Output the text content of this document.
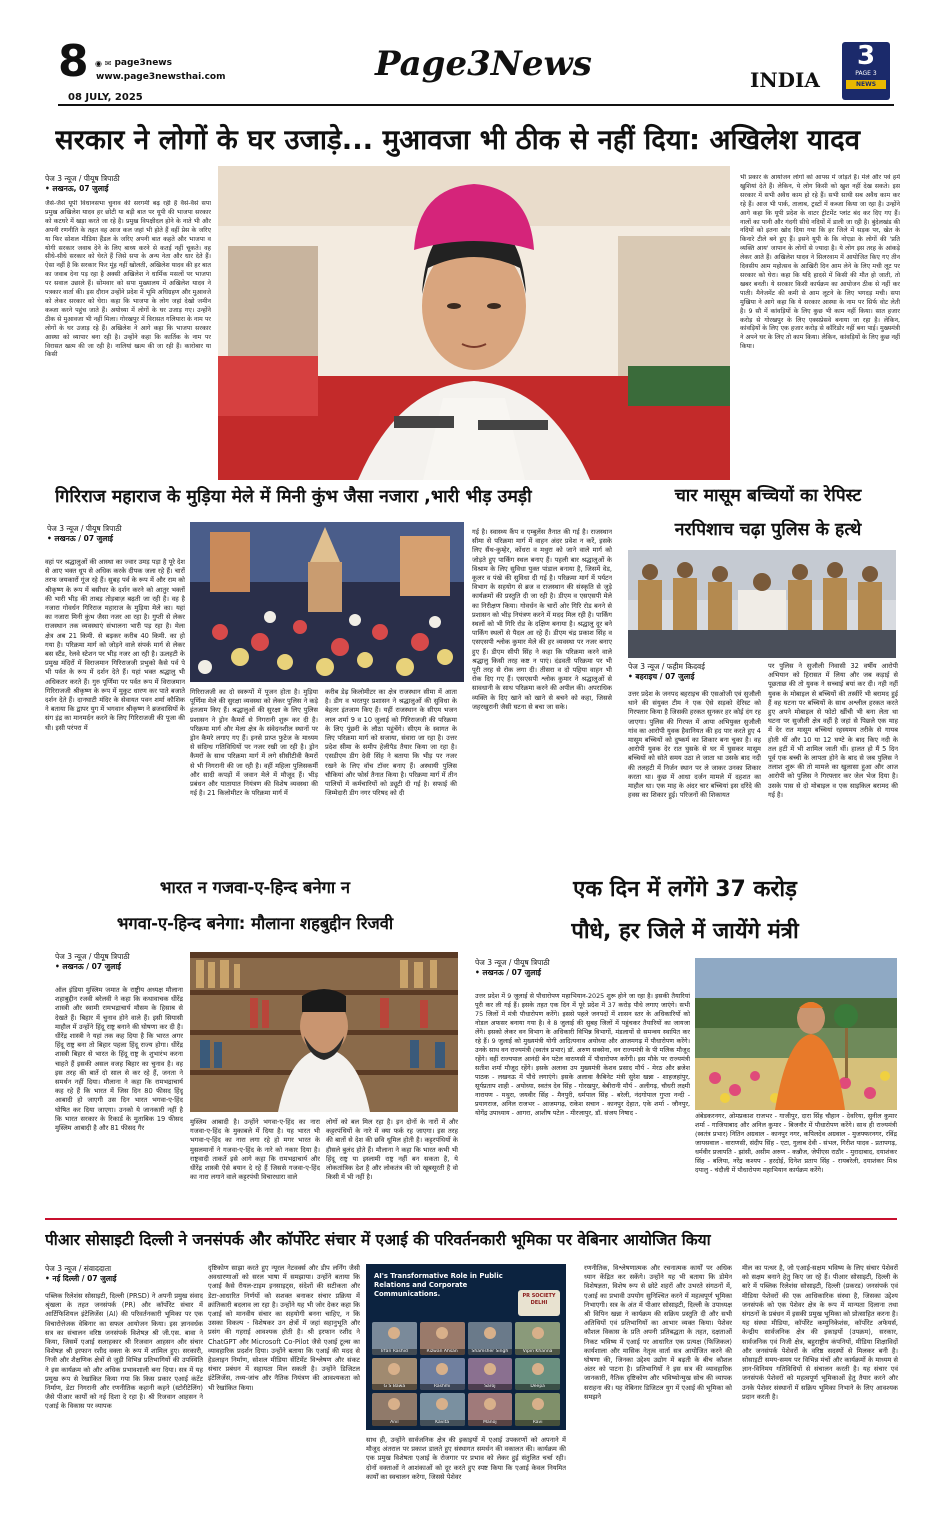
8 ◉ ✉ page3news
www.page3newsthai.com
08 JULY, 2025
Page3News	INDIA
3
PAGE 3
NEWS
सरकार ने लोगों के घर उजाड़े... मुआवजा भी ठीक से नहीं दिया: अखिलेश यादव
पेज 3 न्यूज / पीयूष त्रिपाठी
• लखनऊ, 07 जुलाई
जैसे-जैसे यूपी विधानसभा चुनाव की सरगर्मी बढ़ रही है वैसे-वैसे सपा प्रमुख अखिलेश यादव हर छोटी या बड़ी बात पर यूपी की भाजपा सरकार को कटघरे में खड़ा करते जा रहे है। प्रमुख विपक्षीदल होने के नाते भी और अपनी रणनीति के तहत वह आज कल जहां भी होते हैं वहीं प्रेस के जरिए या फिर सोशल मीडिया हैंडल के जरिए अपनी बात कहते और भाजपा व योगी सरकार जवाब देने के लिए बाध्य करने से कतई नहीं चूकते। वह सीधे-सीधे सरकार को घेरते हैं जिसे सपा के अन्य नेता और धार देते हैं। ऐसा नहीं है कि सरकार फिर मूंह नहीं खोलती, अखिलेश यादव की हर बात का जवाब देना पड़ रहा है अक्सी अखिलेश ने धार्मिक मसलों पर भाजपा पर सवाल उछाले हैं। सोमवार को सपा मुख्यालय में अखिलेश यादव ने पत्रकार वार्ता की। इस दौरान उन्होंने प्रदेश में भूमि अधिग्रहण और मुआवजे को लेकर सरकार को घेरा। कहा कि भाजपा के लोग जहां देखो जमीन कब्जा करने पहुंच जाते हैं। अयोध्या में लोगों के घर उजाड़ गए। उन्होंने ठीक से मुआवजा भी नहीं मिला। गोरखपुर में विरासत गलियारा के नाम पर लोगों के घर उजाड़ रहे हैं। अखिलेश ने आगे कहा कि भाजपा सरकार आस्था को व्यापार बना रही है। उन्होंने कहा कि कार्तिक के नाम पर विरासत खत्म की जा रही है। नालियां खत्म की जा रही हैं। कारोबार या किसी
भी प्रकार के आयोजन लोगों को आपस में जोड़ते हैं। मेले और पर्व हमें खुशियां देते हैं। लेकिन, ये लोग किसी को खुश नहीं देख सकते। इस सरकार में सभी अवैध काम हो रहे हैं। सभी साथी सब अवैध काम कर रहे हैं। आज भी पार्क, तालाब, ट्रस्टों में कब्जा किया जा रहा है। उन्होंने आगे कहा कि यूपी प्रदेश के वाटर ट्रीटमेंट प्लांट बंद कर दिए गए हैं। नालों का पानी और गंदगी सीधे नदियों में डाली जा रही है। बुंदेलखंड की नदियों को इतना खोद दिया गया कि हर जिले में सड़क पर, खेत के किनारे टीले बने हुए हैं। इसने यूपी के कि नोएडा के लोगों की 'प्रति व्यक्ति आय' जापान के लोगों से ज्यादा है। ये लोग इस तरह के आंकड़े लेकर आते हैं। अखिलेश यादव ने सिलरवाम में आयोजित किए गए तीन दिवसीय आम महोत्सव के आखिरी दिन आम लेने के लिए मची लूट पर सरकार को घेरा। कहा कि यदि हादसे में किसी की मौत हो जाती, तो खबर बनती। ये सरकार किसी कार्यक्रम का आयोजन ठीक से नहीं कर पाती। मैनेजमेंट की कमी से आम लूटने के लिए भगदड़ मची। सपा मुखिया ने आगे कहा कि ये सरकार आस्था के नाम पर सिर्फ वोट लेती है। 9 सौ में कांवड़ियों के लिए कुछ भी काम नहीं किया। सात हजार करोड़ से गोरखपुर के लिए एक्सप्रेसवे बनाया जा रहा है। लेकिन, कांवड़ियों के लिए एक हजार करोड़ से कॉरिडोर नहीं बना पाई। मुख्यमंत्री ने अपने घर के लिए तो काम किया। लेकिन, कांवड़ियों के लिए कुछ नहीं किया।
गिरिराज महाराज के मुड़िया मेले में मिनी कुंभ जैसा नजारा ,भारी भीड़ उमड़ी
पेज 3 न्यूज / पीयूष त्रिपाठी
• लखनऊ / 07 जुलाई
वहां पर श्रद्धालुओं की आस्था का ज्वार उमड़ पड़ा है पूरे देश से आए भक्त धूप से अधिक करके दीपक जला रहे हैं। चारों तरफ जयकारों गूंज रहे हैं। सुबह पर्व के रूप में और राम को श्रीकृष्ण के रूप में बसीधर के दर्शन करने को आतुर भक्तों की भारी भीड़ की ताबड़ तोड़बाज़ बढ़ती जा रही है। वह है नजारा गोवर्धन गिरिराज महाराज के मुड़िया मेले का। यहां का नजारा मिनी कुंभ जैसा नजर आ रहा है। गुप्ती से लेकर राजस्थान तक व्यवस्थाएं संभालना भारी पड़ रहा है। मेला क्षेत्र अब 21 किमी. से बढ़कर करीब 40 किमी. का हो गया है। परिक्रमा मार्ग को जोड़ने वाले संपर्क मार्ग से लेकर बस स्टैंड, रेलवे स्टेशन पर भीड़ नजर आ रही है। ऊलहटी के प्रमुख मंदिरों में विराजमान गिरिराजजी प्रभुको कैसे पर्व पे भी पर्वत के रूप में दर्शन देते हैं। यहां भक्त श्रद्धालु भी अधिकतर करते हैं। गुरु पूर्णिमा पर पर्वत रूप में विराजमान गिरिराजजी श्रीकृष्ण के रूप में मुकुट धारण कर पाते बजाते दर्शन देते हैं। दानघाटी मंदिर के सेवायत पवन शर्मा कौशिक ने बताया कि द्वापर युग में भगवान श्रीकृष्ण ने ब्रजवासियों के संग इंद्र का मानमर्दन करने के लिए गिरिराजजी की पूजा की थी। इसी परंपरा में
गिरिराजजी का दो स्वरूपों में पूजन होता है। मुड़िया पूर्णिमा मेले की सुरक्षा व्यवस्था को लेकर पुलिस ने कड़े इंतजाम किए हैं। श्रद्धालुओं की सुरक्षा के लिए पुलिस प्रशासन ने ड्रोन कैमरों से निगरानी शुरू कर दी है। परिक्रमा मार्ग और मेला क्षेत्र के संवेदनशील स्थानों पर ड्रोन कैमरे लगाए गए हैं। इनसे प्राप्त फुटेज के माध्यम से संदिग्ध गतिविधियों पर नजर रखी जा रही है। ड्रोन कैमरों के साथ परिक्रमा मार्ग में लगे सीसीटीवी कैमरों से भी निगरानी की जा रही है। वहीं महिला पुलिसकर्मी और सादी कपड़ों में जवान मेले में मौजूद हैं। भीड़ प्रबंधन और यातायात नियंत्रण की विशेष व्यवस्था की गई है। 21 किलोमीटर के परिक्रमा मार्ग में
करीब डेढ़ किलोमीटर का क्षेत्र राजस्थान सीमा में आता है। डीग व भरतपुर प्रशासन ने श्रद्धालुओं की सुविधा के बेहतर इंतजाम किए हैं। यहीं राजस्थान के सीएम भजन लाल शर्मा 9 व 10 जुलाई को गिरिराजजी की परिक्रमा के लिए पूंछरी के लौठा पहुंचेंगे। सीएम के स्वागत के लिए परिक्रमा मार्ग को सजाया, संवारा जा रहा है। उत्तर प्रदेश सीमा के समीप हेलीपैड तैयार किया जा रहा है। एसडीएम डीग देवी सिंह ने बताया कि भीड़ पर नजर रखने के लिए वॉच टॉवर बनाए हैं। अस्थायी पुलिस चौकियां और फोर्स तैनात किया है। परिक्रमा मार्ग में तीन पालियों में कर्मचारियों को ड्यूटी दी गई है। सफाई की जिम्मेदारी डीग नगर परिषद को दी
गई है। स्वास्थ्य कैंप व एम्बुलेंस तैनात की गई है। राजस्थान सीमा से परिक्रमा मार्ग में वाहन अंदर प्रवेश न करें, इसके लिए सैंथ-कुम्हेर, कोंधरा व मथुरा को जाने वाले मार्ग को जोड़ते हुए पार्किंग स्थल बनाए हैं। पहली बार श्रद्धालुओं के विश्राम के लिए सुविधा युक्त पांडाल बनाया है, जिसमें वेड, कूलर व पंखे की सुविधा दी गई है। परिक्रमा मार्ग में पर्यटन विभाग के सहयोग से ब्रज व राजस्थान की संस्कृति से जुड़े कार्यक्रमों की प्रस्तुति दी जा रही है। डीएम व एसएसपी मेले का निरीक्षण किया। गोवर्धन के चारों ओर गिरि रोड बनने से प्रशासन को भीड़ नियंत्रण करने में मदद मिल रही है। पार्किंग स्थलों को भी गिरि रोड के दक्षिण बनाया है। श्रद्धालु दूर बने पार्किंग स्थलों से पैदल आ रहे हैं। डीएम चंद्र प्रकाश सिंह व एसएसपी श्लोक कुमार मेले की हर व्यवस्था पर नजर बनाए हुए हैं। डीएम सीपी सिंह ने कहा कि परिक्रमा करने वाले श्रद्धालु किसी तरह कष्ट न पाएं। दंडवती परिक्रमा पर भी पूरी तरह से रोक लगा दी। तीसरा व दो पहिया वाहन भी रोक दिए गए हैं। एसएसपी श्लोक कुमार ने श्रद्धालुओं से सावधानी के साथ परिक्रमा करने की अपील की। अपराधिक व्यक्ति के दिए खाने को खाने से बचने को कहा, जिससे जहरखुरानी जैसी घटना से बचा जा सके।
चार मासूम बच्चियों का रेपिस्ट
नरपिशाच चढ़ा पुलिस के हत्थे
पेज 3 न्यूज / फहीम किदवई
• बहराइच / 07 जुलाई
उत्तर प्रदेश के जनपद बहराइच की एसओजी एवं सुजौली थाने की संयुक्त टीम ने एक ऐसे सड़को देरिस्ट को गिरफ्तार किया है जिसकी हरकत सुनकर हर कोई दंग रह जाएगा। पुलिस की गिरफ्त में आया अभियुक्त सुजौली गांव का आरोपी युवक हैवानियत की हद पार करते हुए 4 मासूम बच्चियों को दुष्कर्म का शिकार बना चुका है। वह आरोपी युवक देर रात घुसके से घर में घुसकर मासूम बच्चियों को सोते समय उठा ले जाता था उसके बाद नदी की तलहटी में निर्जन स्थान पर ले जाकर उनका शिकार करता था। कुछ में आधा दर्जन मामले में दहशत का माहौल था। एक माह के अंदर चार बच्चियां इस दरिंदे की हवस का शिकार हुई। परिजनों की शिकायत
पर पुलिस ने सुजौली निवासी 32 वर्षीय आरोपी अभियान को हिरासत में लिया और जब कड़ाई से पूछताछ की तो युवक ने सच्चाई बयां कर दी। नही नहीं युवक के मोबाइल से बच्चियों की तस्वीरें भी बरामद हुई हैं वह घटना पर बच्चियों के साथ अश्लील हरकत करते हुए अपने मोबाइल से फोटो खींची भी बना लेता था घटना पर सुजौली क्षेत्र वहीं है जहां से पिछले एक माह में देर रात मासूम बच्चियां रहस्यमय तरीके से गायब होती थीं और 10 या 12 घण्टे के बाद किए नदी के तल हटी में भी शामिल जाती थीं। हालत हो मैं 5 दिन पूर्व एक बच्ची के लापता होने के बाद से जब पुलिस ने तलाश शुरू की तो मामले का खुलासा हुआ और आज आरोपी को पुलिस ने गिरफ्तार कर जेल भेज दिया है। उसके पास से दो मोबाइल व एक साइकिल बरामद की गई है।
भारत न गजवा-ए-हिन्द बनेगा न
भगवा-ए-हिन्द बनेगा: मौलाना शहबुद्दीन रिजवी
पेज 3 न्यूज / पीयूष त्रिपाठी
• लखनऊ / 07 जुलाई
ऑल इंडिया मुस्लिम जमात के राष्ट्रीय अध्यक्ष मौलाना शहाबुद्दीन रजवी बरेलवी ने कहा कि कथावाचक धीरेंद्र शास्त्री और स्वामी रामभद्राचार्य मौसम के हिसाब से देखते हैं। बिहार में चुनाव होने वाले हैं। इसी सियासी माहौल में उन्होंने हिंदू राष्ट्र बनाने की घोषणा कर दी है। धीरेंद्र शास्त्री ने यहां तक कह दिया है कि भारत अगर हिंदू राष्ट्र बना तो बिहार पहला हिंदू राज्य होगा। धीरेंद्र शास्त्री बिहार से भारत के हिंदू राष्ट्र के शुभारंभ करना चाहते हैं इसकी असल वजह बिहार का चुनाव है। वह इस तरह की बातें दो साल से कर रहे हैं, जनता ने समर्थन नहीं दिया। मौलाना ने कहा कि रामभद्राचार्य कह रहे हैं कि भारत में जिस दिन 80 फीसद हिंदू आबादी हो जाएगी उस दिन भारत भगवा-ए-हिंद घोषित कर दिया जाएगा। उनको ये जानकारी नहीं है कि भारत सरकार के रिकार्ड के मुताबिक 19 फीसद मुस्लिम आबादी है और 81 फीसद गैर
मुस्लिम आबादी है। उन्होंने भगवा-ए-हिंद का नारा गजवा-ए-हिंद के मुकाबले में दिया है। यह भारत भी भगवा-ए-हिंद का नारा लगा रहे हो मगर भारत के मुसलमानों ने गजवा-ए-हिंद के नारे को नकार दिया है। राष्ट्रवादी ताकतें इसे आगे कहा कि रामभद्राचार्य और धीरेंद्र शास्त्री ऐसे बयान दे रहे हैं जिससे गजवा-ए-हिंद का नारा लगाने वाले कट्टरपंथी विचारधारा वाले
लोगों को बल मिल रहा है। इन दोनों के नारों में और कट्टरपंथियों के नारे में क्या फर्क रह जाएगा। इस तरह की बातों से देश की छवि धूमिल होती है। कट्टरपंथियों के हौसले बुलंद होते हैं। मौलाना ने कहा कि भारत कभी भी हिंदू राष्ट्र या इस्लामी राष्ट्र नहीं बन सकता है, ये लोकतांत्रिक देश है और लोकतंत्र की जो खूबसूरती है वो किसी में भी नहीं है।
एक दिन में लगेंगे 37 करोड़
पौधे, हर जिले में जायेंगे मंत्री
पेज 3 न्यूज / पीयूष त्रिपाठी
• लखनऊ / 07 जुलाई
उत्तर प्रदेश में 9 जुलाई से पौधारोपण महाभियान-2025 शुरू होने जा रहा है। इसकी तैयारियां पूरी कर ली गई हैं। इसके तहत एक दिन में पूरे प्रदेश में 37 करोड़ पौधे लगाए जाएंगे। सभी 75 जिलों में मंत्री पौधारोपण करेंगे। इससे पहले जनपदों में शासन स्तर के अधिकारियों को नोडल अफसर बनाया गया है। वे 8 जुलाई की सुबह जिलों में पहुंचकर तैयारियों का जायजा लेंगे। इसको लेकर वन विभाग के अधिकारी विभिन्न विभागों, मंडलायों से समन्वय स्थापित कर रहे हैं। 9 जुलाई को मुख्यमंत्री योगी आदित्यनाथ अयोध्या और आजमगढ़ में पौधारोपण करेंगे। उनके साथ वन राज्यमंत्री (स्वतंत्र प्रभार) डॉ. अरुण सक्सेना, वन राज्यमंत्री के पी मलिक मौजूद रहेंगे। वहीं राज्यपाल आनंदी बेन पटेल वाराणसी में पौधारोपण करेंगी। इस मौके पर राज्यमंत्री सतीश शर्मा मौजूद रहेंगे। इसके अलावा उप मुख्यमंत्री केशव प्रसाद मौर्य - मेरठ और ब्रजेश पाठक - लखनऊ में पौधे लगाएंगे। इसके अलावा कैबिनेट मंत्री सुरेश खन्ना - शाहजहांपुर, सूर्यप्रताप शाही - अयोध्या, स्वतंत्र देव सिंह - गोरखपुर, बेबीरानी मौर्य - अलीगढ़, चौधरी लक्ष्मी नारायण - मथुरा, जयवीर सिंह - मैनपुरी, धर्मपाल सिंह - बरेली, नंदगोपाल गुप्ता नन्दी - प्रयागराज, अनिल राजभर - आजमगढ़, राकेश सचान - कानपुर देहात, एके शर्मा - जौनपुर, योगेंद्र उपाध्याय - आगरा, आशीष पटेल - मीरजापुर, डॉ. संजय निषाद -	अंबेडकरनगर, ओमप्रकाश राजभर - गाजीपुर, दारा सिंह चौहान - देवरिया, सुनील कुमार शर्मा - गाजियाबाद और अनिल कुमार - बिजनौर में पौधारोपण करेंगे। साथ ही राज्यमंत्री (स्वतंत्र प्रभार) नितिन अग्रवाल - कानपुर नगर, कपिलदेव अग्रवाल - मुजफ्फरनगर, रविंद्र जायसवाल - वाराणसी, संदीप सिंह - एटा, गुलाब देवी - संभल, गिरीश यादव - प्रतापगढ़, धर्मवीर प्रजापति - झांसी, असीम अरुण - कन्नौज, जेपीएस राठौर - मुरादाबाद, दयाशंकर सिंह - बलिया, नरेंद्र कश्यप - हरदोई, दिनेश प्रताप सिंह - रायबरेली, दयाशंकर मिश्र दयालु - चंदौली में पौधारोपण महाभियान कार्यक्रम करेंगे।
पीआर सोसाइटी दिल्ली ने जनसंपर्क और कॉर्पोरेट संचार में एआई की परिवर्तनकारी भूमिका पर वेबिनार आयोजित किया
पेज 3 न्यूज / संवाददाता
• नई दिल्ली / 07 जुलाई
पब्लिक रिलेशंस सोसाइटी, दिल्ली (PRSD) ने अपनी प्रमुख संवाद श्रृंखला के तहत जनसंपर्क (PR) और कॉर्पोरेट संचार में आर्टिफिशियल इंटेलिजेंस (AI) की परिवर्तनकारी भूमिका पर एक विचारोत्तेजक वेबिनार का सफल आयोजन किया। इस ज्ञानवर्धक सत्र का संचालन वरिष्ठ जनसंपर्क विशेषज्ञ श्री जी.एस. बावा ने किया, जिसमें एआई सलाहकार श्री रिजवान आहसन और संचार विशेषज्ञ श्री इरफान रशीद वक्ता के रूप में शामिल हुए। सरकारी, निजी और शैक्षणिक क्षेत्रों से जुड़ी विभिन्न प्रतिभागियों की उपस्थिति ने इस कार्यक्रम को और अधिक प्रभावशाली बना दिया। सत्र में यह प्रमुख रूप से रेखांकित किया गया कि किस प्रकार एआई कंटेंट निर्माण, डेटा निगरानी और रणनीतिक कहानी कहने (स्टोरीटेलिंग) जैसे पीआर कार्यों को नई दिशा दे रहा है। श्री रिजवान आहसन ने एआई के विकास पर व्यापक
दृष्टिकोण साझा करते हुए न्यूरल नेटवर्क्स और डीप लर्निंग जैसी अवधारणाओं को सरल भाषा में समझाया। उन्होंने बताया कि एआई कैसे रीयल-टाइम इनसाइट्स, संदेशों की सटीकता और डेटा-आधारित निर्णयों को सशक्त बनाकर संचार प्रक्रिया में क्रांतिकारी बदलाव ला रहा है। उन्होंने यह भी जोर देकर कहा कि एआई को मानवीय संचार का सहयोगी बनना चाहिए, न कि उसका विकल्प - विशेषकर उन क्षेत्रों में जहां सहानुभूति और प्रसंग की गहराई आवश्यक होती है। श्री इरफान रशीद ने ChatGPT और Microsoft Co-Pilot जैसे एआई टूल्स का व्यावहारिक प्रदर्शन दिया। उन्होंने बताया कि एआई की मदद से हेडलाइन निर्माण, सोशल मीडिया सेंटिमेंट विश्लेषण और संकट संचार प्रबंधन में सहायता मिल सकती है। उन्होंने डिजिटल इंटेलिजेंस, तथ्य-जांच और नैतिक नियंत्रण की आवश्यकता को भी रेखांकित किया।
AI's Transformative Role in Public Relations and Corporate Communications.	PR SOCIETY DELHI
Irfan Rashid	Rizwan Ahsan	Shamsher Singh	Vipin Khanna
G S Bawa	Rashmi	Saroj	Deepa
Anil	Kavita	Manoj	Ravi
साथ ही, उन्होंने सार्वजनिक क्षेत्र की इकाइयों में एआई उपकरणों को अपनाने में मौजूद अंतराल पर प्रकाश डालते हुए संस्थागत समर्थन की वकालत की। कार्यक्रम की एक प्रमुख विशेषता एआई के रोजगार पर प्रभाव को लेकर हुई संतुलित चर्चा रही। दोनों वक्ताओं ने आशंकाओं को दूर करते हुए स्पष्ट किया कि एआई केवल नियमित कार्यों का स्वचालन करेगा, जिससे पेशेवर
रणनीतिक, विश्लेषणात्मक और रचनात्मक कार्यों पर अधिक ध्यान केंद्रित कर सकेंगे। उन्होंने यह भी बताया कि डोमेन विशेषज्ञता, विशेष रूप से छोटे शहरों और उभरते संगठनों में, एआई का प्रभावी उपयोग सुनिश्चित करने में महत्वपूर्ण भूमिका निभाएगी। सत्र के अंत में पीआर सोसाइटी, दिल्ली के उपाध्यक्ष श्री विपिन खन्ना ने कार्यक्रम की सक्रिय प्रस्तुति दी और सभी अतिथियों एवं प्रतिभागियों का आभार व्यक्त किया। पेशेवर कौशल विकास के प्रति अपनी प्रतिबद्धता के तहत, दक्षताओं निकट भविष्य में एआई पर आधारित एक प्रत्यक्ष (फिजिकल) कार्यशाला और मासिक नेतृत्व वार्ता सत्र आयोजित करने की घोषणा की, जिनका उद्देश्य उद्योग में बढ़ती के बीच कौशल अंतर को पाटना है। प्रतिभागियों ने इस सत्र की व्यावहारिक जानकारी, नैतिक दृष्टिकोण और भविष्योन्मुख सोच की व्यापक सराहना की। यह वेबिनार डिजिटल युग में एआई की भूमिका को समझने
मील का पत्थर है, जो एआई-सक्षम भविष्य के लिए संचार पेशेवरों को सक्षम बनाने हेतु किए जा रहे हैं। पीआर सोसाइटी, दिल्ली के बारे में पब्लिक रिलेशंस सोसाइटी, दिल्ली (प्रकरड) जनसंपर्क एवं मीडिया पेशेवरों की एक आधिकारिक संस्था है, जिसका उद्देश्य जनसंपर्क को एक पेशेवर क्षेत्र के रूप में मान्यता दिलाना तथा संगठनों के प्रबंधन में इसकी प्रमुख भूमिका को प्रोत्साहित करना है। यह संस्था मीडिया, कॉर्पोरेट कम्युनिकेशंस, कॉर्पोरेट अफेयर्स, केन्द्रीय सार्वजनिक क्षेत्र की इकाइयों (उपक्रम), सरकार, सार्वजनिक एवं निजी क्षेत्र, बहुराष्ट्रीय कंपनियों, मीडिया शिक्षाविदों और जनसंपर्क पेशेवरों के वरिष्ठ सदस्यों से मिलकर बनी है। सोसाइटी समय-समय पर विभिन्न मंचों और कार्यक्रमों के माध्यम से ज्ञान-विनिमय गतिविधियों से संचालन करती है। यह संचार एवं जनसंपर्क पेशेवरों को महत्वपूर्ण भूमिकाओं हेतु तैयार करने और उनके पेशेवर संस्थानों में सक्रिय भूमिका निभाने के लिए आवश्यक प्रदान करती है।
